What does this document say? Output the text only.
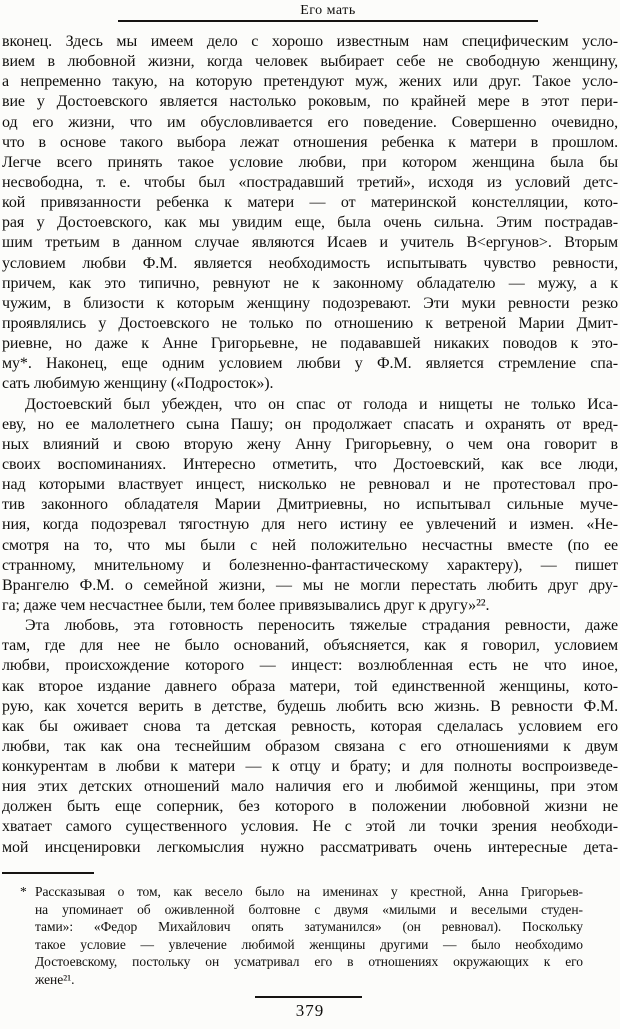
Его мать
вконец. Здесь мы имеем дело с хорошо известным нам специфическим усло-
вием в любовной жизни, когда человек выбирает себе не свободную женщину,
а непременно такую, на которую претендуют муж, жених или друг. Такое усло-
вие у Достоевского является настолько роковым, по крайней мере в этот пери-
од его жизни, что им обусловливается его поведение. Совершенно очевидно,
что в основе такого выбора лежат отношения ребенка к матери в прошлом.
Легче всего принять такое условие любви, при котором женщина была бы
несвободна, т. е. чтобы был «пострадавший третий», исходя из условий детс-
кой привязанности ребенка к матери — от материнской констелляции, кото-
рая у Достоевского, как мы увидим еще, была очень сильна. Этим пострадав-
шим третьим в данном случае являются Исаев и учитель В<ергунов>. Вторым
условием любви Ф.М. является необходимость испытывать чувство ревности,
причем, как это типично, ревнуют не к законному обладателю — мужу, а к
чужим, в близости к которым женщину подозревают. Эти муки ревности резко
проявлялись у Достоевского не только по отношению к ветреной Марии Дмит-
риевне, но даже к Анне Григорьевне, не подававшей никаких поводов к это-
му*. Наконец, еще одним условием любви у Ф.М. является стремление спа-
сать любимую женщину («Подросток»).
Достоевский был убежден, что он спас от голода и нищеты не только Иса-
еву, но ее малолетнего сына Пашу; он продолжает спасать и охранять от вред-
ных влияний и свою вторую жену Анну Григорьевну, о чем она говорит в
своих воспоминаниях. Интересно отметить, что Достоевский, как все люди,
над которыми властвует инцест, нисколько не ревновал и не протестовал про-
тив законного обладателя Марии Дмитриевны, но испытывал сильные муче-
ния, когда подозревал тягостную для него истину ее увлечений и измен. «Не-
смотря на то, что мы были с ней положительно несчастны вместе (по ее
странному, мнительному и болезненно-фантастическому характеру), — пишет
Врангелю Ф.М. о семейной жизни, — мы не могли перестать любить друг дру-
га; даже чем несчастнее были, тем более привязывались друг к другу»²².
Эта любовь, эта готовность переносить тяжелые страдания ревности, даже
там, где для нее не было оснований, объясняется, как я говорил, условием
любви, происхождение которого — инцест: возлюбленная есть не что иное,
как второе издание давнего образа матери, той единственной женщины, кото-
рую, как хочется верить в детстве, будешь любить всю жизнь. В ревности Ф.М.
как бы оживает снова та детская ревность, которая сделалась условием его
любви, так как она теснейшим образом связана с его отношениями к двум
конкурентам в любви к матери — к отцу и брату; и для полноты воспроизведе-
ния этих детских отношений мало наличия его и любимой женщины, при этом
должен быть еще соперник, без которого в положении любовной жизни не
хватает самого существенного условия. Не с этой ли точки зрения необходи-
мой инсценировки легкомыслия нужно рассматривать очень интересные дета-
* Рассказывая о том, как весело было на именинах у крестной, Анна Григорьев-
на упоминает об оживленной болтовне с двумя «милыми и веселыми студен-
тами»: «Федор Михайлович опять затуманился» (он ревновал). Поскольку
такое условие — увлечение любимой женщины другими — было необходимо
Достоевскому, постольку он усматривал его в отношениях окружающих к его
жене²¹.
379
